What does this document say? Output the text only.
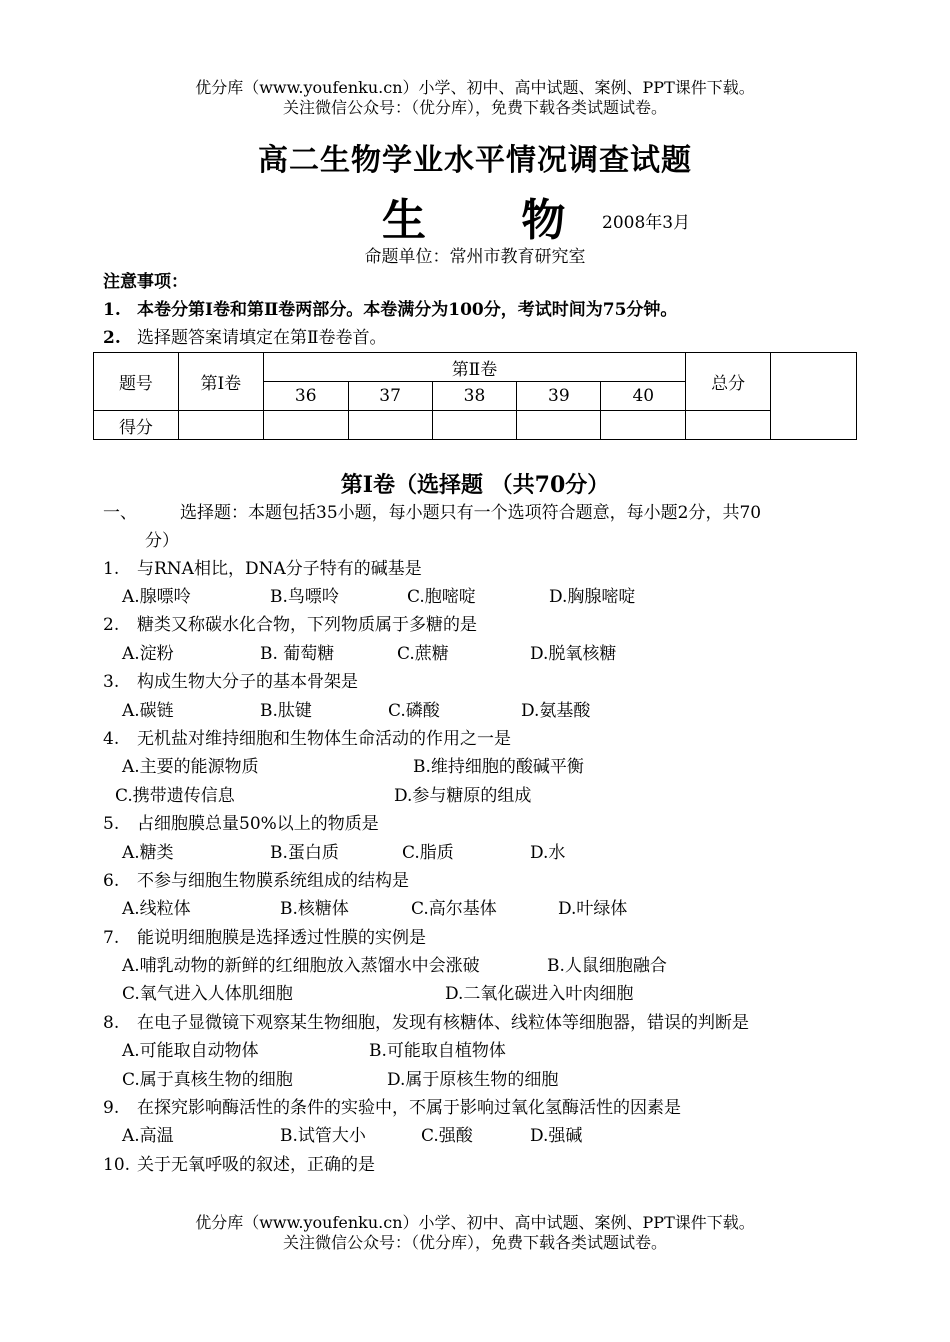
优分库（www.youfenku.cn）小学、初中、高中试题、案例、PPT课件下载。
关注微信公众号：（优分库），免费下载各类试题试卷。
高二生物学业水平情况调查试题
生 物
2008年3月
命题单位：常州市教育研究室
注意事项：
1. 本卷分第Ⅰ卷和第Ⅱ卷两部分。本卷满分为100分，考试时间为75分钟。
2. 选择题答案请填定在第Ⅱ卷卷首。
题号	第Ⅰ卷	第Ⅱ卷					总分	
		36	37	38	39	40		
得分								
第Ⅰ卷（选择题 （共70分）
一、	选择题：本题包括35小题，每小题只有一个选项符合题意，每小题2分，共70
分）
1. 与RNA相比，DNA分子特有的碱基是
A.腺嘌呤	B.鸟嘌呤	C.胞嘧啶	D.胸腺嘧啶
2. 糖类又称碳水化合物，下列物质属于多糖的是
A.淀粉	B. 葡萄糖	C.蔗糖	D.脱氧核糖
3. 构成生物大分子的基本骨架是
A.碳链	B.肽键	C.磷酸	D.氨基酸
4. 无机盐对维持细胞和生物体生命活动的作用之一是
A.主要的能源物质	B.维持细胞的酸碱平衡
C.携带遗传信息	D.参与糖原的组成
5. 占细胞膜总量50%以上的物质是
A.糖类	B.蛋白质	C.脂质	D.水
6. 不参与细胞生物膜系统组成的结构是
A.线粒体	B.核糖体	C.高尔基体	D.叶绿体
7. 能说明细胞膜是选择透过性膜的实例是
A.哺乳动物的新鲜的红细胞放入蒸馏水中会涨破	B.人鼠细胞融合
C.氧气进入人体肌细胞	D.二氧化碳进入叶肉细胞
8. 在电子显微镜下观察某生物细胞，发现有核糖体、线粒体等细胞器，错误的判断是
A.可能取自动物体	B.可能取自植物体
C.属于真核生物的细胞	D.属于原核生物的细胞
9. 在探究影响酶活性的条件的实验中，不属于影响过氧化氢酶活性的因素是
A.高温	B.试管大小	C.强酸	D.强碱
10. 关于无氧呼吸的叙述，正确的是
优分库（www.youfenku.cn）小学、初中、高中试题、案例、PPT课件下载。
关注微信公众号：（优分库），免费下载各类试题试卷。
